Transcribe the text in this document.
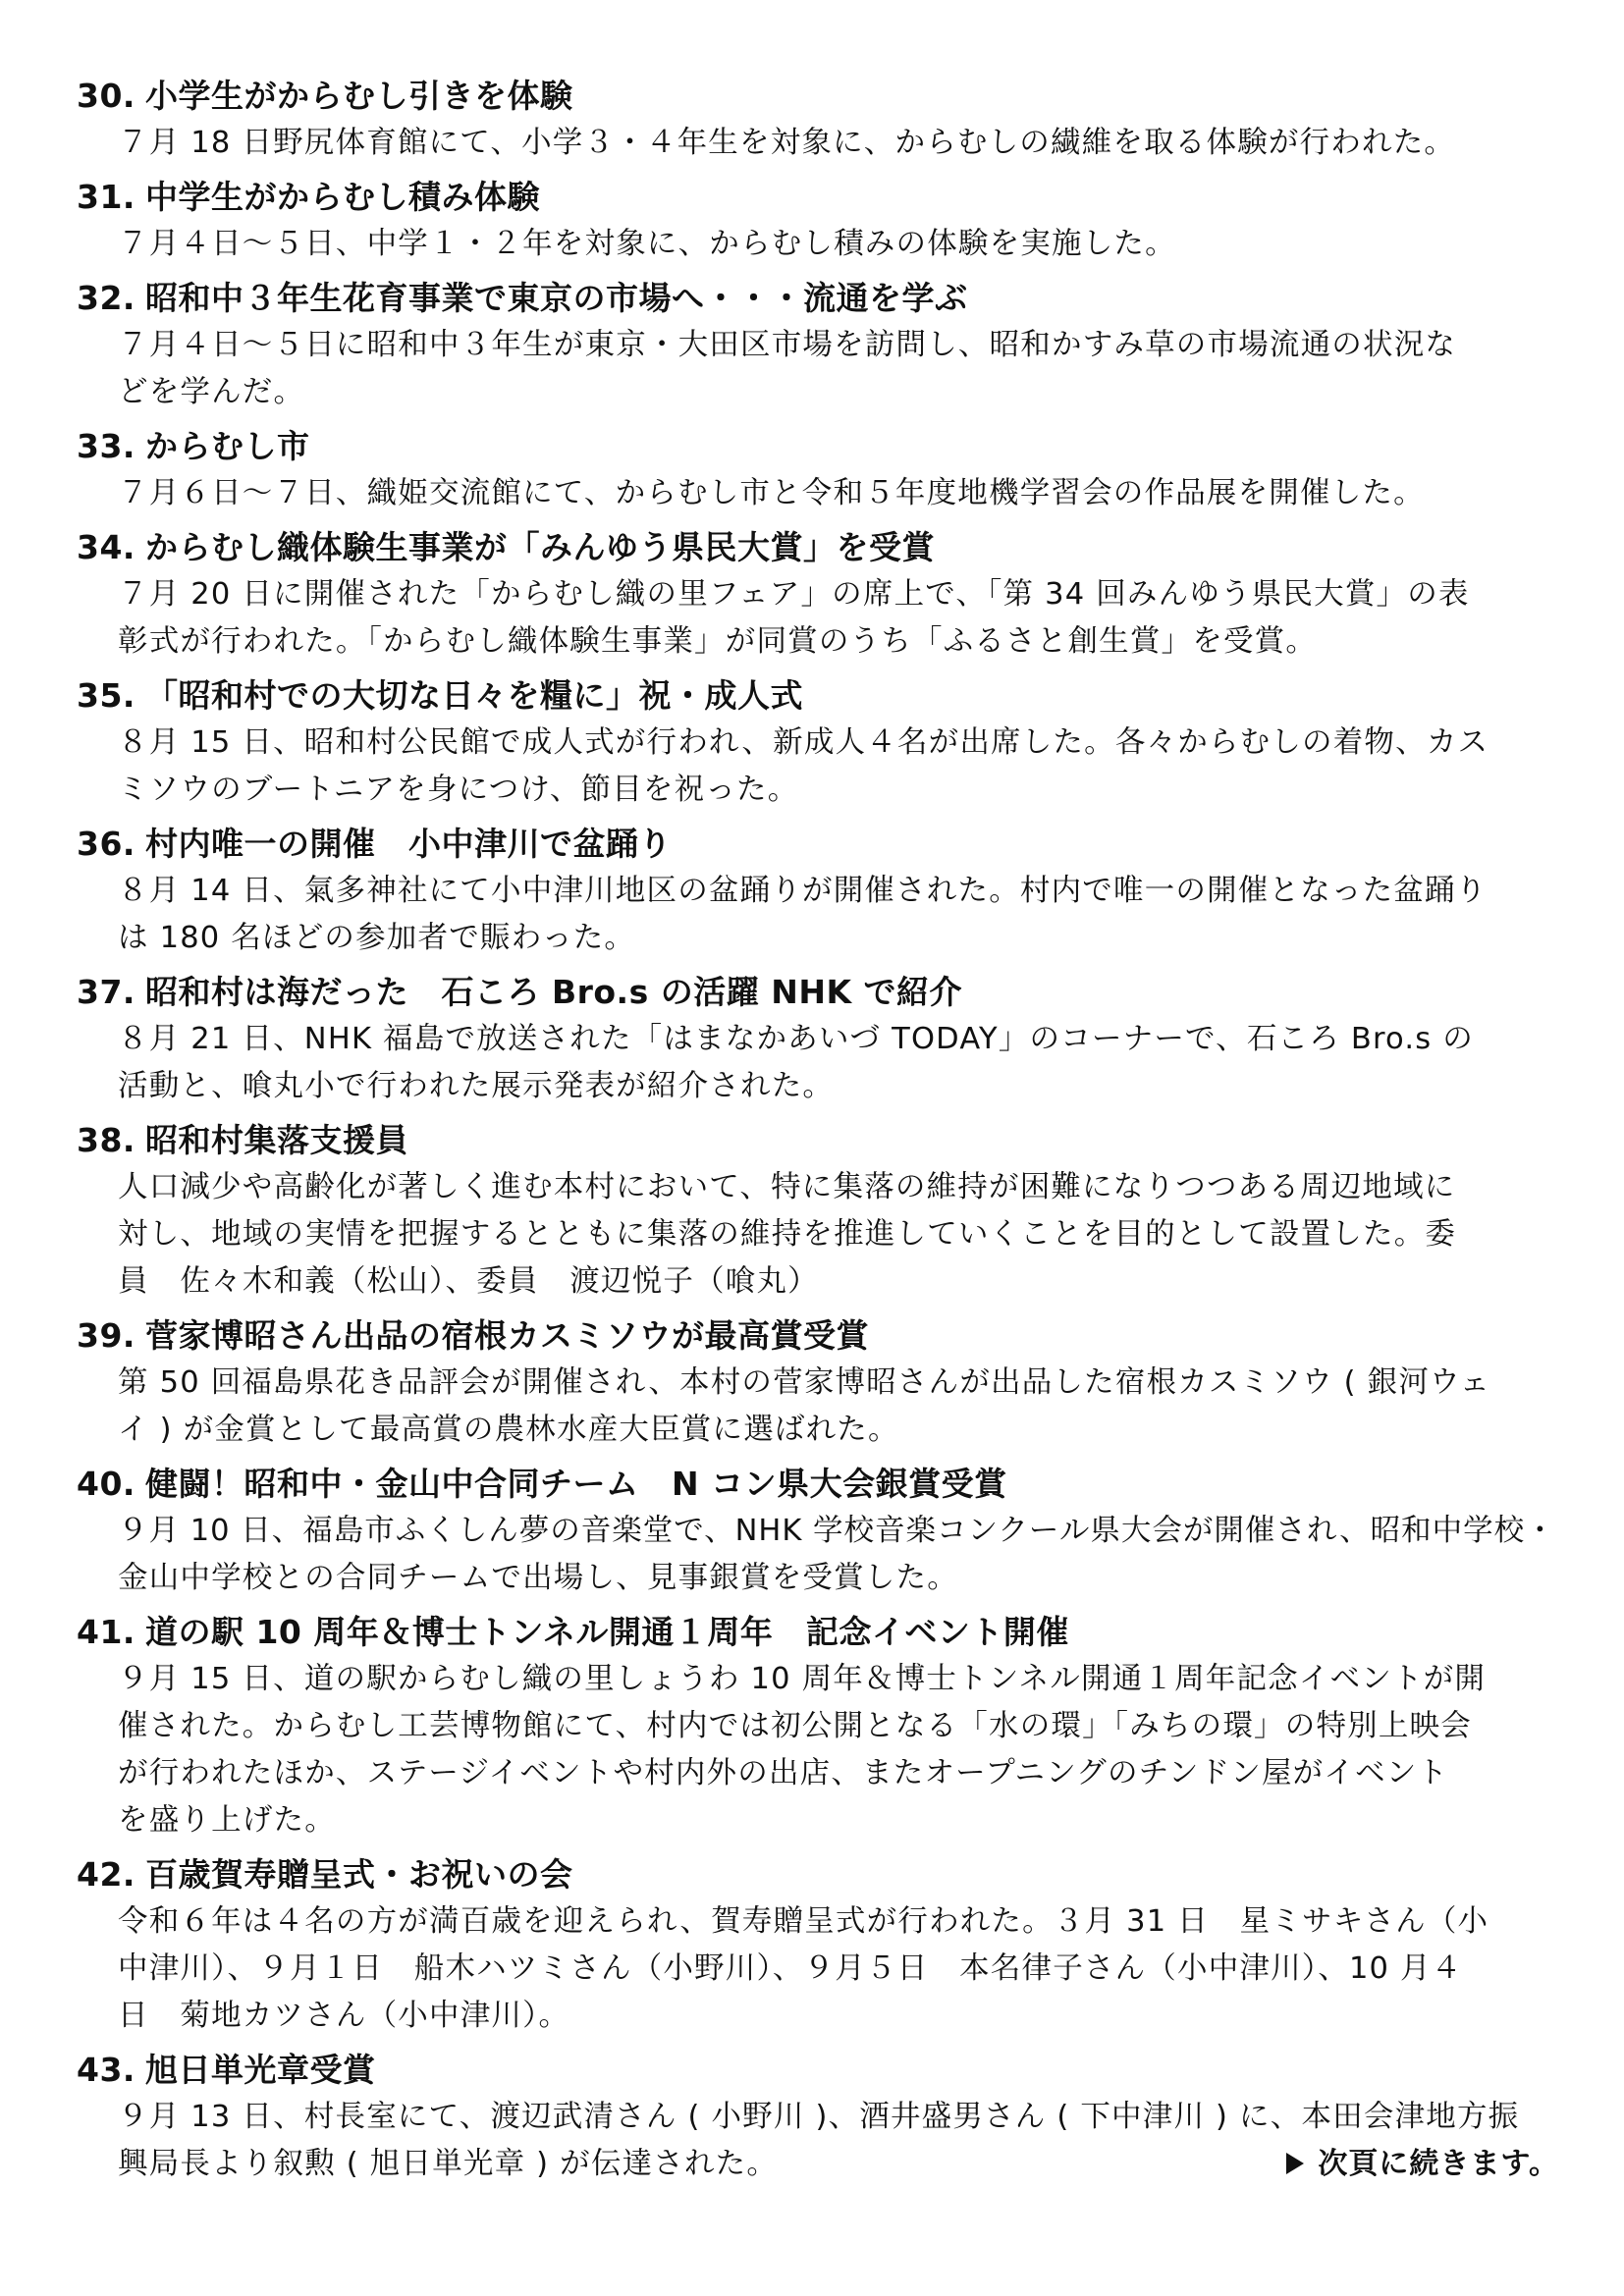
30. 小学生がからむし引きを体験
７月 18 日野尻体育館にて、小学３・４年生を対象に、からむしの繊維を取る体験が行われた。
31. 中学生がからむし積み体験
７月４日～５日、中学１・２年を対象に、からむし積みの体験を実施した。
32. 昭和中３年生花育事業で東京の市場へ・・・流通を学ぶ
７月４日～５日に昭和中３年生が東京・大田区市場を訪問し、昭和かすみ草の市場流通の状況な
どを学んだ。
33. からむし市
７月６日～７日、織姫交流館にて、からむし市と令和５年度地機学習会の作品展を開催した。
34. からむし織体験生事業が「みんゆう県民大賞」を受賞
７月 20 日に開催された「からむし織の里フェア」の席上で、「第 34 回みんゆう県民大賞」の表
彰式が行われた。「からむし織体験生事業」が同賞のうち「ふるさと創生賞」を受賞。
35. 「昭和村での大切な日々を糧に」祝・成人式
８月 15 日、昭和村公民館で成人式が行われ、新成人４名が出席した。各々からむしの着物、カス
ミソウのブートニアを身につけ、節目を祝った。
36. 村内唯一の開催　小中津川で盆踊り
８月 14 日、氣多神社にて小中津川地区の盆踊りが開催された。村内で唯一の開催となった盆踊り
は 180 名ほどの参加者で賑わった。
37. 昭和村は海だった　石ころ Bro.s の活躍 NHK で紹介
８月 21 日、NHK 福島で放送された「はまなかあいづ TODAY」のコーナーで、石ころ Bro.s の
活動と、喰丸小で行われた展示発表が紹介された。
38. 昭和村集落支援員
人口減少や高齢化が著しく進む本村において、特に集落の維持が困難になりつつある周辺地域に
対し、地域の実情を把握するとともに集落の維持を推進していくことを目的として設置した。委
員　佐々木和義（松山）、委員　渡辺悦子（喰丸）
39. 菅家博昭さん出品の宿根カスミソウが最高賞受賞
第 50 回福島県花き品評会が開催され、本村の菅家博昭さんが出品した宿根カスミソウ ( 銀河ウェ
イ ) が金賞として最高賞の農林水産大臣賞に選ばれた。
40. 健闘！昭和中・金山中合同チーム　N コン県大会銀賞受賞
９月 10 日、福島市ふくしん夢の音楽堂で、NHK 学校音楽コンクール県大会が開催され、昭和中学校・
金山中学校との合同チームで出場し、見事銀賞を受賞した。
41. 道の駅 10 周年＆博士トンネル開通１周年　記念イベント開催
９月 15 日、道の駅からむし織の里しょうわ 10 周年＆博士トンネル開通１周年記念イベントが開
催された。からむし工芸博物館にて、村内では初公開となる「水の環」「みちの環」の特別上映会
が行われたほか、ステージイベントや村内外の出店、またオープニングのチンドン屋がイベント
を盛り上げた。
42. 百歳賀寿贈呈式・お祝いの会
令和６年は４名の方が満百歳を迎えられ、賀寿贈呈式が行われた。３月 31 日　星ミサキさん（小
中津川）、９月１日　船木ハツミさん（小野川）、９月５日　本名律子さん（小中津川）、10 月４
日　菊地カツさん（小中津川）。
43. 旭日単光章受賞
９月 13 日、村長室にて、渡辺武清さん ( 小野川 )、酒井盛男さん ( 下中津川 ) に、本田会津地方振
興局長より叙勲 ( 旭日単光章 ) が伝達された。	次頁に続きます。
